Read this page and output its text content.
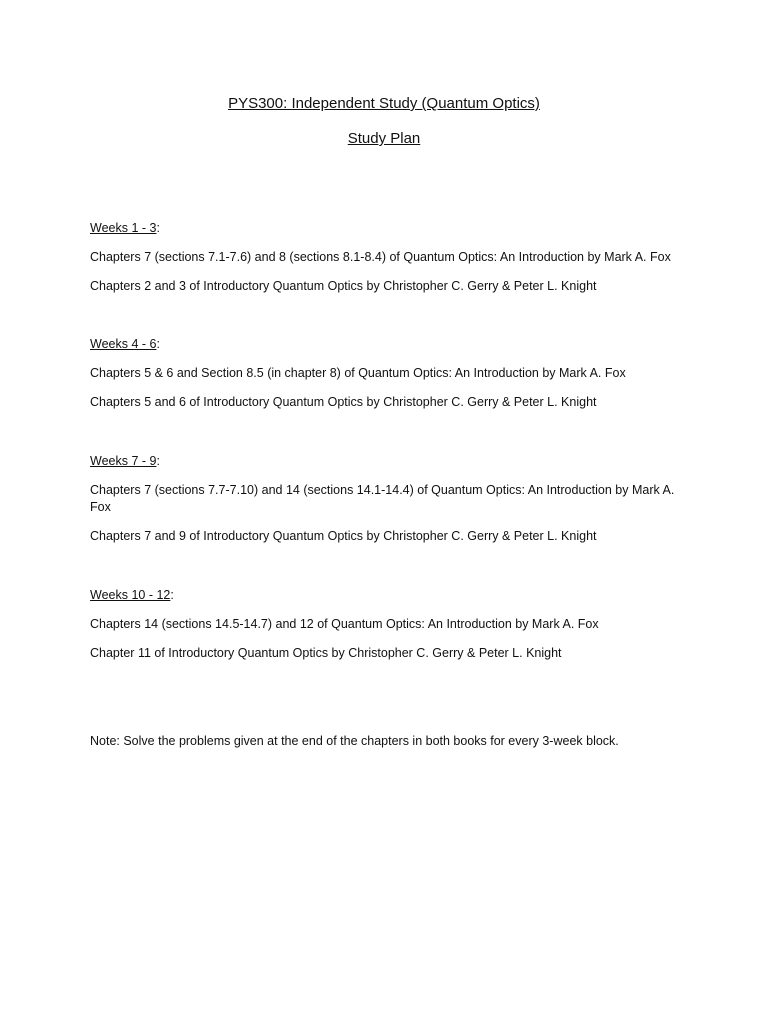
PYS300: Independent Study (Quantum Optics)
Study Plan
Weeks 1 - 3:
Chapters 7 (sections 7.1-7.6) and 8 (sections 8.1-8.4) of Quantum Optics: An Introduction by Mark A. Fox
Chapters 2 and 3 of Introductory Quantum Optics by Christopher C. Gerry & Peter L. Knight
Weeks 4 - 6:
Chapters 5 & 6 and Section 8.5 (in chapter 8) of Quantum Optics: An Introduction by Mark A. Fox
Chapters 5 and 6 of Introductory Quantum Optics by Christopher C. Gerry & Peter L. Knight
Weeks 7 - 9:
Chapters 7 (sections 7.7-7.10) and 14 (sections 14.1-14.4) of Quantum Optics: An Introduction by Mark A. Fox
Chapters 7 and 9 of Introductory Quantum Optics by Christopher C. Gerry & Peter L. Knight
Weeks 10 - 12:
Chapters 14 (sections 14.5-14.7) and 12 of Quantum Optics: An Introduction by Mark A. Fox
Chapter 11 of Introductory Quantum Optics by Christopher C. Gerry & Peter L. Knight
Note: Solve the problems given at the end of the chapters in both books for every 3-week block.
